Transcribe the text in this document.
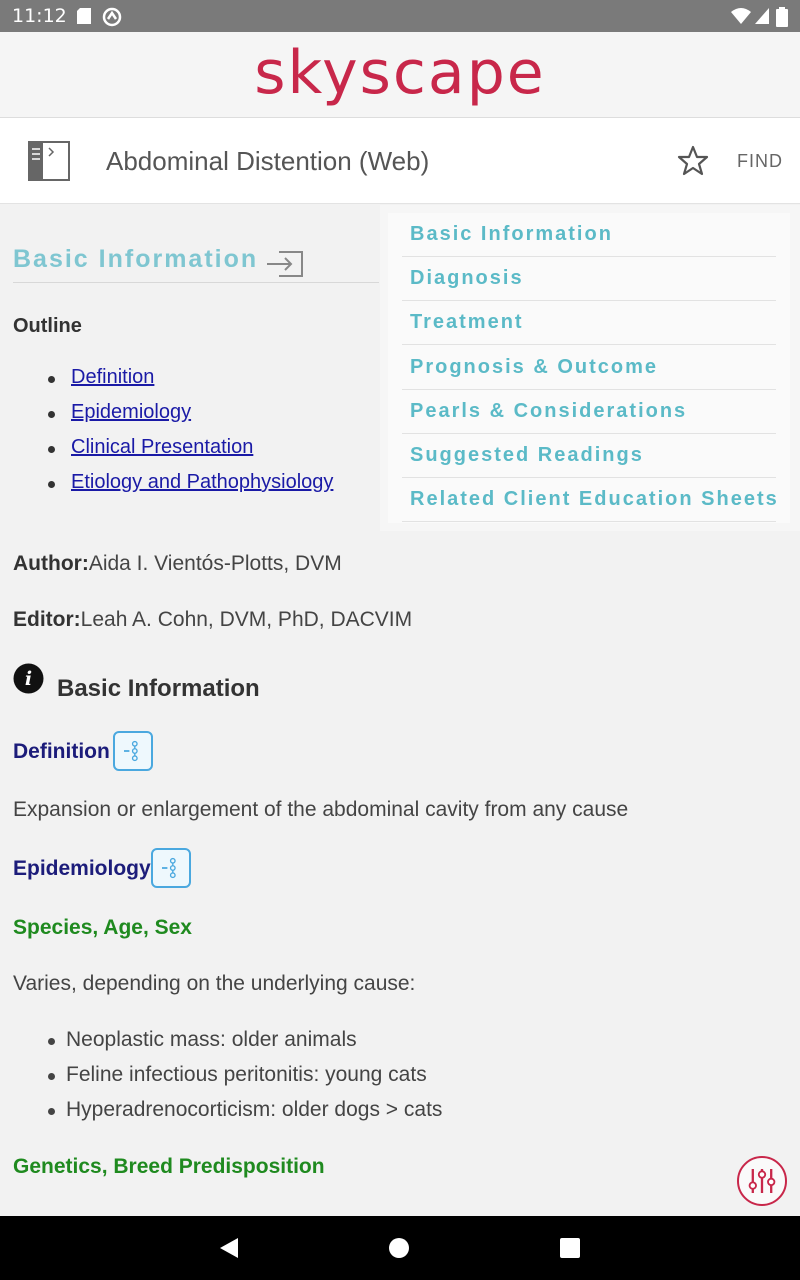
11:12
skyscape
Abdominal Distention (Web)	FIND
Basic Information
Outline
Definition
Epidemiology
Clinical Presentation
Etiology and Pathophysiology
Basic Information
Diagnosis
Treatment
Prognosis & Outcome
Pearls & Considerations
Suggested Readings
Related Client Education Sheets
Author:Aida I. Vientós-Plotts, DVM
Editor:Leah A. Cohn, DVM, PhD, DACVIM
i Basic Information
Definition
Expansion or enlargement of the abdominal cavity from any cause
Epidemiology
Species, Age, Sex
Varies, depending on the underlying cause:
Neoplastic mass: older animals
Feline infectious peritonitis: young cats
Hyperadrenocorticism: older dogs > cats
Genetics, Breed Predisposition
